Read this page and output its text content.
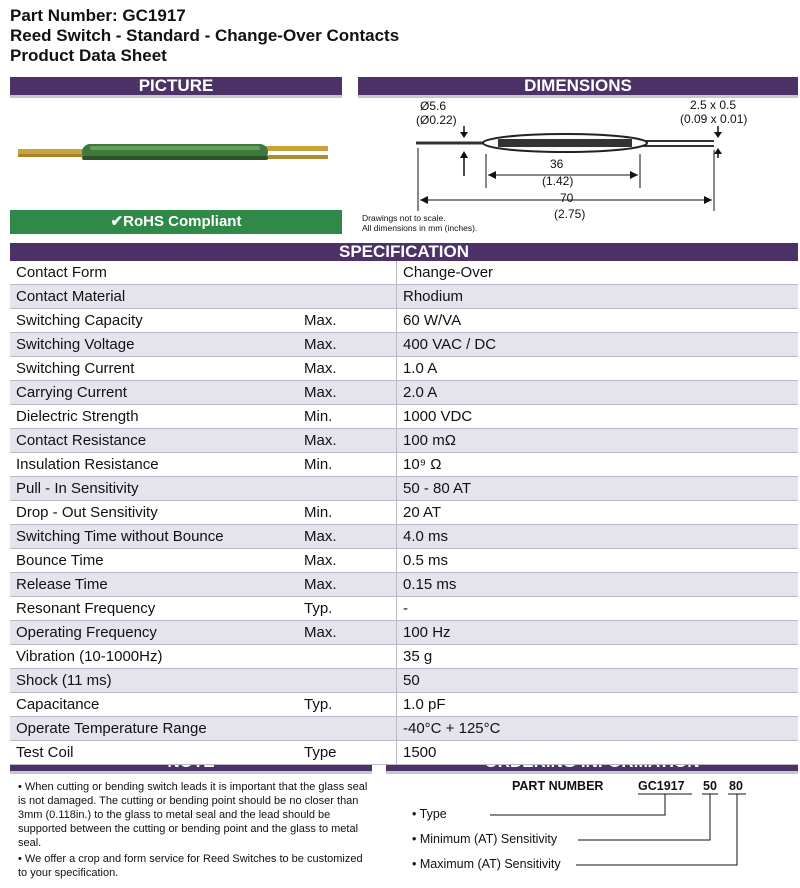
Part Number: GC1917
Reed Switch - Standard - Change-Over Contacts
Product Data Sheet
PICTURE	DIMENSIONS
SPECIFICATION
✔RoHS Compliant
Ø5.6
(Ø0.22)
2.5 x 0.5
(0.09 x 0.01)
36
(1.42)
70
(2.75)
Drawings not to scale.
All dimensions in mm (inches).
Contact Form		Change-Over
Contact Material		Rhodium
Switching Capacity	Max.	60 W/VA
Switching Voltage	Max.	400 VAC / DC
Switching Current	Max.	1.0 A
Carrying Current	Max.	2.0 A
Dielectric Strength	Min.	1000 VDC
Contact Resistance	Max.	100 mΩ
Insulation Resistance	Min.	10⁹ Ω
Pull - In Sensitivity		50 - 80 AT
Drop - Out Sensitivity	Min.	20 AT
Switching Time without Bounce	Max.	4.0 ms
Bounce Time	Max.	0.5 ms
Release Time	Max.	0.15 ms
Resonant Frequency	Typ.	-
Operating Frequency	Max.	100 Hz
Vibration (10-1000Hz)		35 g
Shock (11 ms)		50
Capacitance	Typ.	1.0 pF
Operate Temperature Range		-40°C + 125°C
Test Coil	Type	1500

• When cutting or bending switch leads it is important that the glass seal is not damaged. The cutting or bending point should be no closer than 3mm (0.118in.) to the glass to metal seal and the lead should be supported between the cutting or bending point and the glass to metal seal.

• We offer a crop and form service for Reed Switches to be customized to your specification.

PART NUMBER	GC1917 50 80
• Type
• Minimum (AT) Sensitivity
• Maximum (AT) Sensitivity
